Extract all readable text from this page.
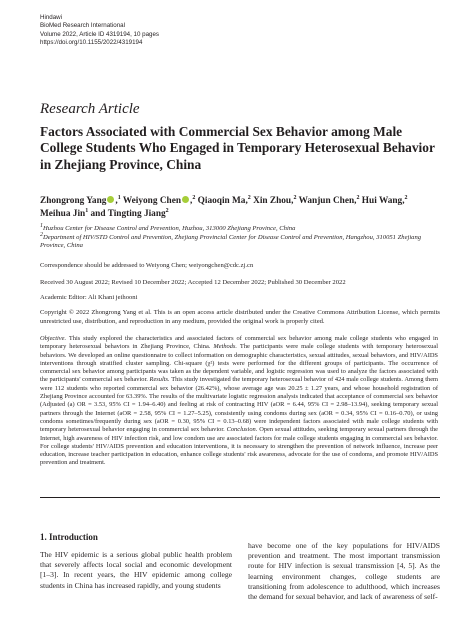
Hindawi
BioMed Research International
Volume 2022, Article ID 4319194, 10 pages
https://doi.org/10.1155/2022/4319194
Research Article
Factors Associated with Commercial Sex Behavior among Male College Students Who Engaged in Temporary Heterosexual Behavior in Zhejiang Province, China
Zhongrong Yang ,$^1$ Weiyong Chen ,$^2$ Qiaoqin Ma,$^2$ Xin Zhou,$^2$ Wanjun Chen,$^2$ Hui Wang,$^2$ Meihua Jin$^1$ and Tingting Jiang$^2$
$^1$Huzhou Center for Disease Control and Prevention, Huzhou, 313000 Zhejiang Province, China
$^2$Department of HIV/STD Control and Prevention, Zhejiang Provincial Center for Disease Control and Prevention, Hangzhou, 310051 Zhejiang Province, China
Correspondence should be addressed to Weiyong Chen; weiyongchen@cdc.zj.cn
Received 30 August 2022; Revised 10 December 2022; Accepted 12 December 2022; Published 30 December 2022
Academic Editor: Ali Khani jeihooni
Copyright © 2022 Zhongrong Yang et al. This is an open access article distributed under the Creative Commons Attribution License, which permits unrestricted use, distribution, and reproduction in any medium, provided the original work is properly cited.

Objective. This study explored the characteristics and associated factors of commercial sex behavior among male college students who engaged in temporary heterosexual behaviors in Zhejiang Province, China. Methods. The participants were male college students with temporary heterosexual behaviors. We developed an online questionnaire to collect information on demographic characteristics, sexual attitudes, sexual behaviors, and HIV/AIDS interventions through stratified cluster sampling. Chi-square (χ²) tests were performed for the different groups of participants. The occurrence of commercial sex behavior among participants was taken as the dependent variable, and logistic regression was used to analyze the factors associated with the participants' commercial sex behavior. Results. This study investigated the temporary heterosexual behavior of 424 male college students. Among them were 112 students who reported commercial sex behavior (26.42%), whose average age was 20.25 ± 1.27 years, and whose household registration of Zhejiang Province accounted for 63.39%. The results of the multivariate logistic regression analysis indicated that acceptance of commercial sex behavior (Adjusted (a) OR = 3.53, 95% CI = 1.94–6.40) and feeling at risk of contracting HIV (aOR = 6.44, 95% CI = 2.98–13.94), seeking temporary sexual partners through the Internet (aOR = 2.58, 95% CI = 1.27–5.25), consistently using condoms during sex (aOR = 0.34, 95% CI = 0.16–0.70), or using condoms sometimes/frequently during sex (aOR = 0.30, 95% CI = 0.13–0.68) were independent factors associated with male college students with temporary heterosexual behavior engaging in commercial sex behavior. Conclusion. Open sexual attitudes, seeking temporary sexual partners through the Internet, high awareness of HIV infection risk, and low condom use are associated factors for male college students engaging in commercial sex behavior. For college students' HIV/AIDS prevention and education interventions, it is necessary to strengthen the prevention of network influence, increase peer education, increase teacher participation in education, enhance college students' risk awareness, advocate for the use of condoms, and promote HIV/AIDS prevention and treatment.

1. Introduction

The HIV epidemic is a serious global public health problem that severely affects local social and economic development [1–3]. In recent years, the HIV epidemic among college students in China has increased rapidly, and young students

have become one of the key populations for HIV/AIDS prevention and treatment. The most important transmission route for HIV infection is sexual transmission [4, 5]. As the learning environment changes, college students are transitioning from adolescence to adulthood, which increases the demand for sexual behavior, and lack of awareness of self-
